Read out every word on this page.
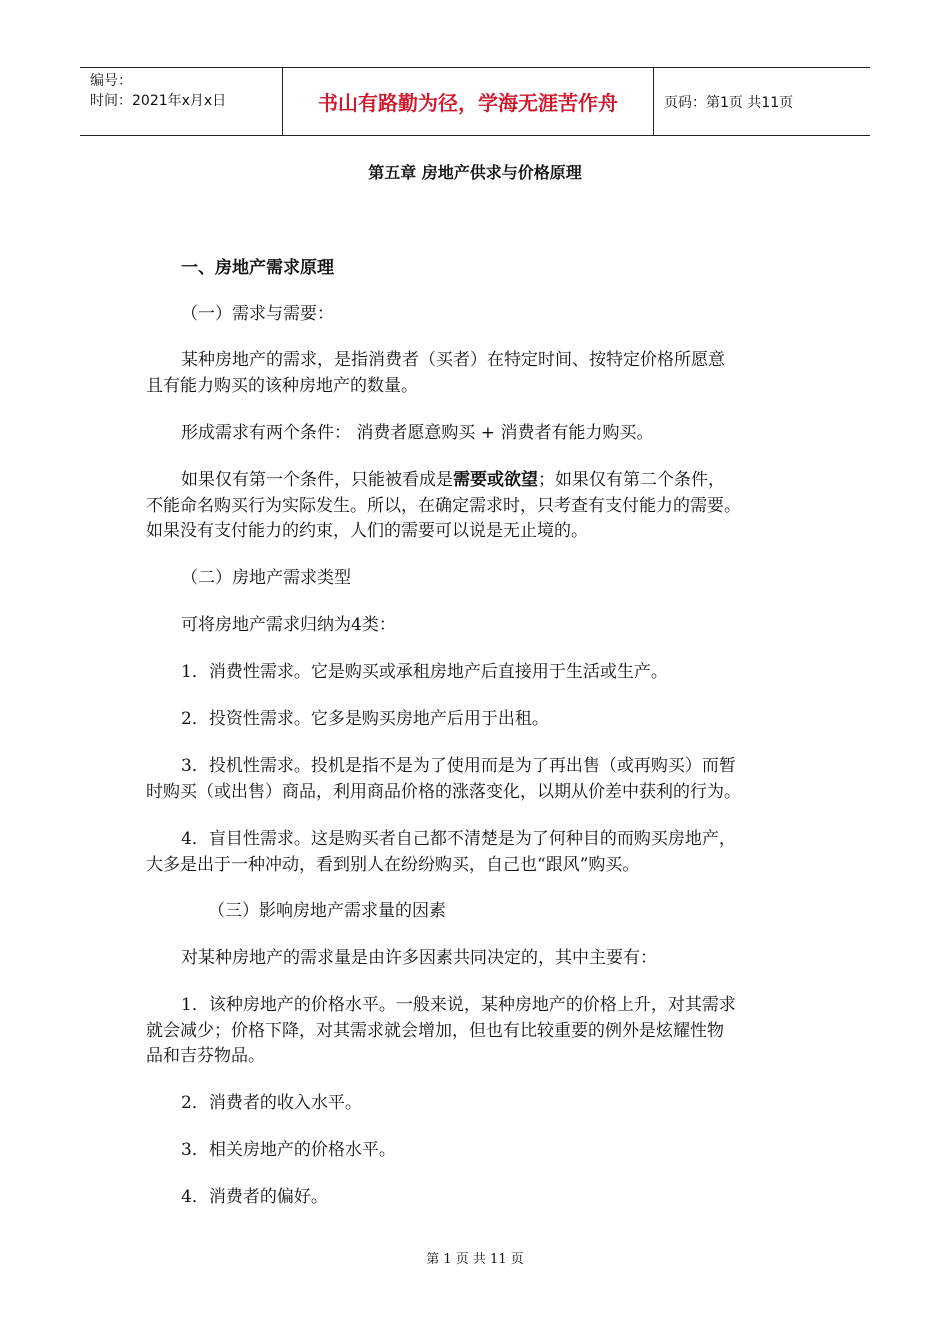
编号：
时间：2021年x月x日	书山有路勤为径，学海无涯苦作舟	页码：第1页 共11页
第五章 房地产供求与价格原理
一、房地产需求原理
（一）需求与需要：
某种房地产的需求，是指消费者（买者）在特定时间、按特定价格所愿意
且有能力购买的该种房地产的数量。
形成需求有两个条件： 消费者愿意购买 + 消费者有能力购买。
如果仅有第一个条件，只能被看成是需要或欲望；如果仅有第二个条件，
不能命名购买行为实际发生。所以，在确定需求时，只考查有支付能力的需要。
如果没有支付能力的约束，人们的需要可以说是无止境的。
（二）房地产需求类型
可将房地产需求归纳为4类：
1．消费性需求。它是购买或承租房地产后直接用于生活或生产。
2．投资性需求。它多是购买房地产后用于出租。
3．投机性需求。投机是指不是为了使用而是为了再出售（或再购买）而暂
时购买（或出售）商品，利用商品价格的涨落变化，以期从价差中获利的行为。
4．盲目性需求。这是购买者自己都不清楚是为了何种目的而购买房地产，
大多是出于一种冲动，看到别人在纷纷购买，自己也“跟风”购买。
（三）影响房地产需求量的因素
对某种房地产的需求量是由许多因素共同决定的，其中主要有：
1．该种房地产的价格水平。一般来说，某种房地产的价格上升，对其需求
就会减少；价格下降，对其需求就会增加，但也有比较重要的例外是炫耀性物
品和吉芬物品。
2．消费者的收入水平。
3．相关房地产的价格水平。
4．消费者的偏好。
第 1 页 共 11 页
